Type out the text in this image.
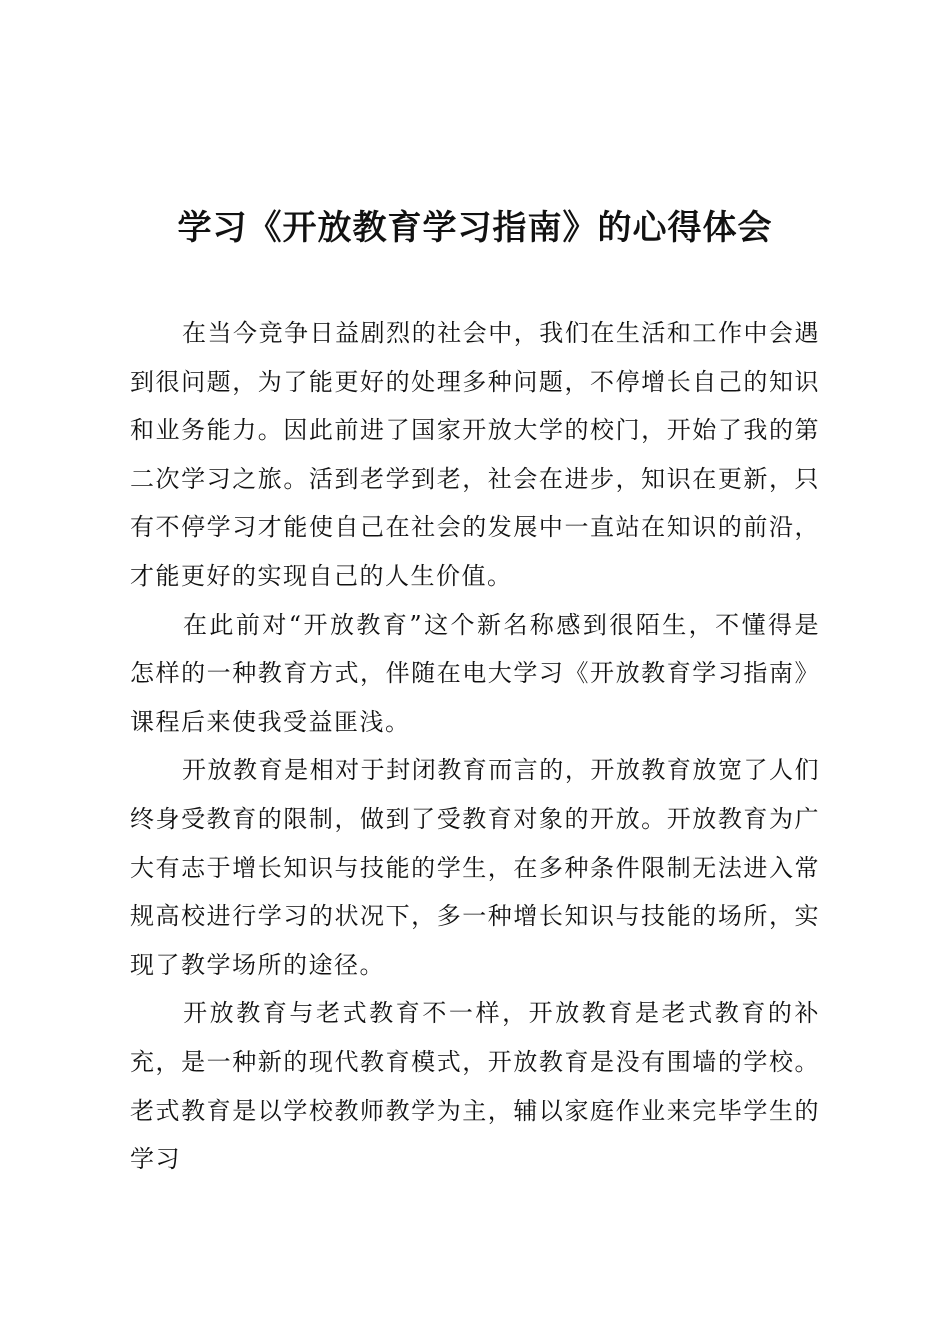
学习《开放教育学习指南》的心得体会

在当今竞争日益剧烈的社会中，我们在生活和工作中会遇到很问题，为了能更好的处理多种问题，不停增长自己的知识和业务能力。因此前进了国家开放大学的校门，开始了我的第二次学习之旅。活到老学到老，社会在进步，知识在更新，只有不停学习才能使自己在社会的发展中一直站在知识的前沿，才能更好的实现自己的人生价值。

在此前对“开放教育”这个新名称感到很陌生，不懂得是怎样的一种教育方式，伴随在电大学习《开放教育学习指南》课程后来使我受益匪浅。

开放教育是相对于封闭教育而言的，开放教育放宽了人们终身受教育的限制，做到了受教育对象的开放。开放教育为广大有志于增长知识与技能的学生，在多种条件限制无法进入常规高校进行学习的状况下，多一种增长知识与技能的场所，实现了教学场所的途径。

开放教育与老式教育不一样，开放教育是老式教育的补充，是一种新的现代教育模式，开放教育是没有围墙的学校。老式教育是以学校教师教学为主，辅以家庭作业来完毕学生的学习
